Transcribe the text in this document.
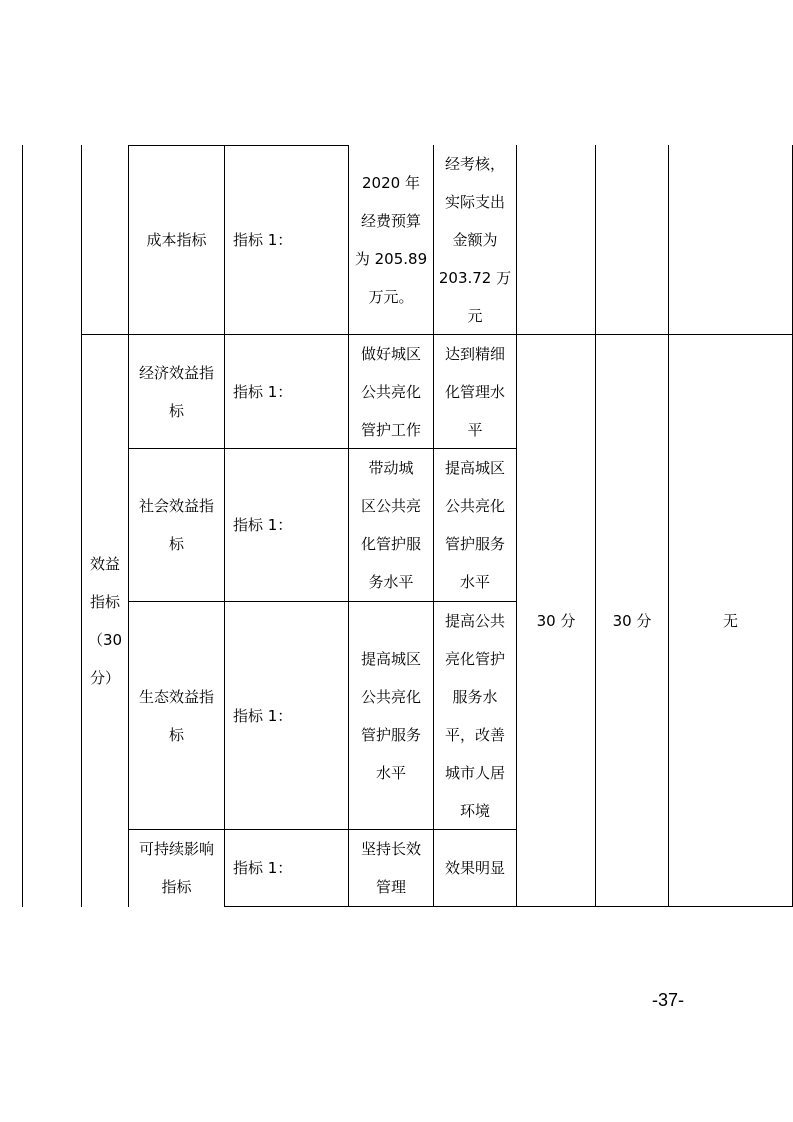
成本指标 指标 1：
2020 年
经费预算
为 205.89
万元。
经考核，
实际支出
金额为
203.72 万
元
效益
指标
（30
分）
经济效益指
标
指标 1：
做好城区
公共亮化
管护工作
达到精细
化管理水
平
社会效益指
标
指标 1：
带动城
区公共亮
化管护服
务水平
提高城区
公共亮化
管护服务
水平
生态效益指
标
指标 1：
提高城区
公共亮化
管护服务
水平
提高公共
亮化管护
服务水
平，改善
城市人居
环境
可持续影响
指标
指标 1：
坚持长效
管理
效果明显
30 分 30 分	无
-37-
